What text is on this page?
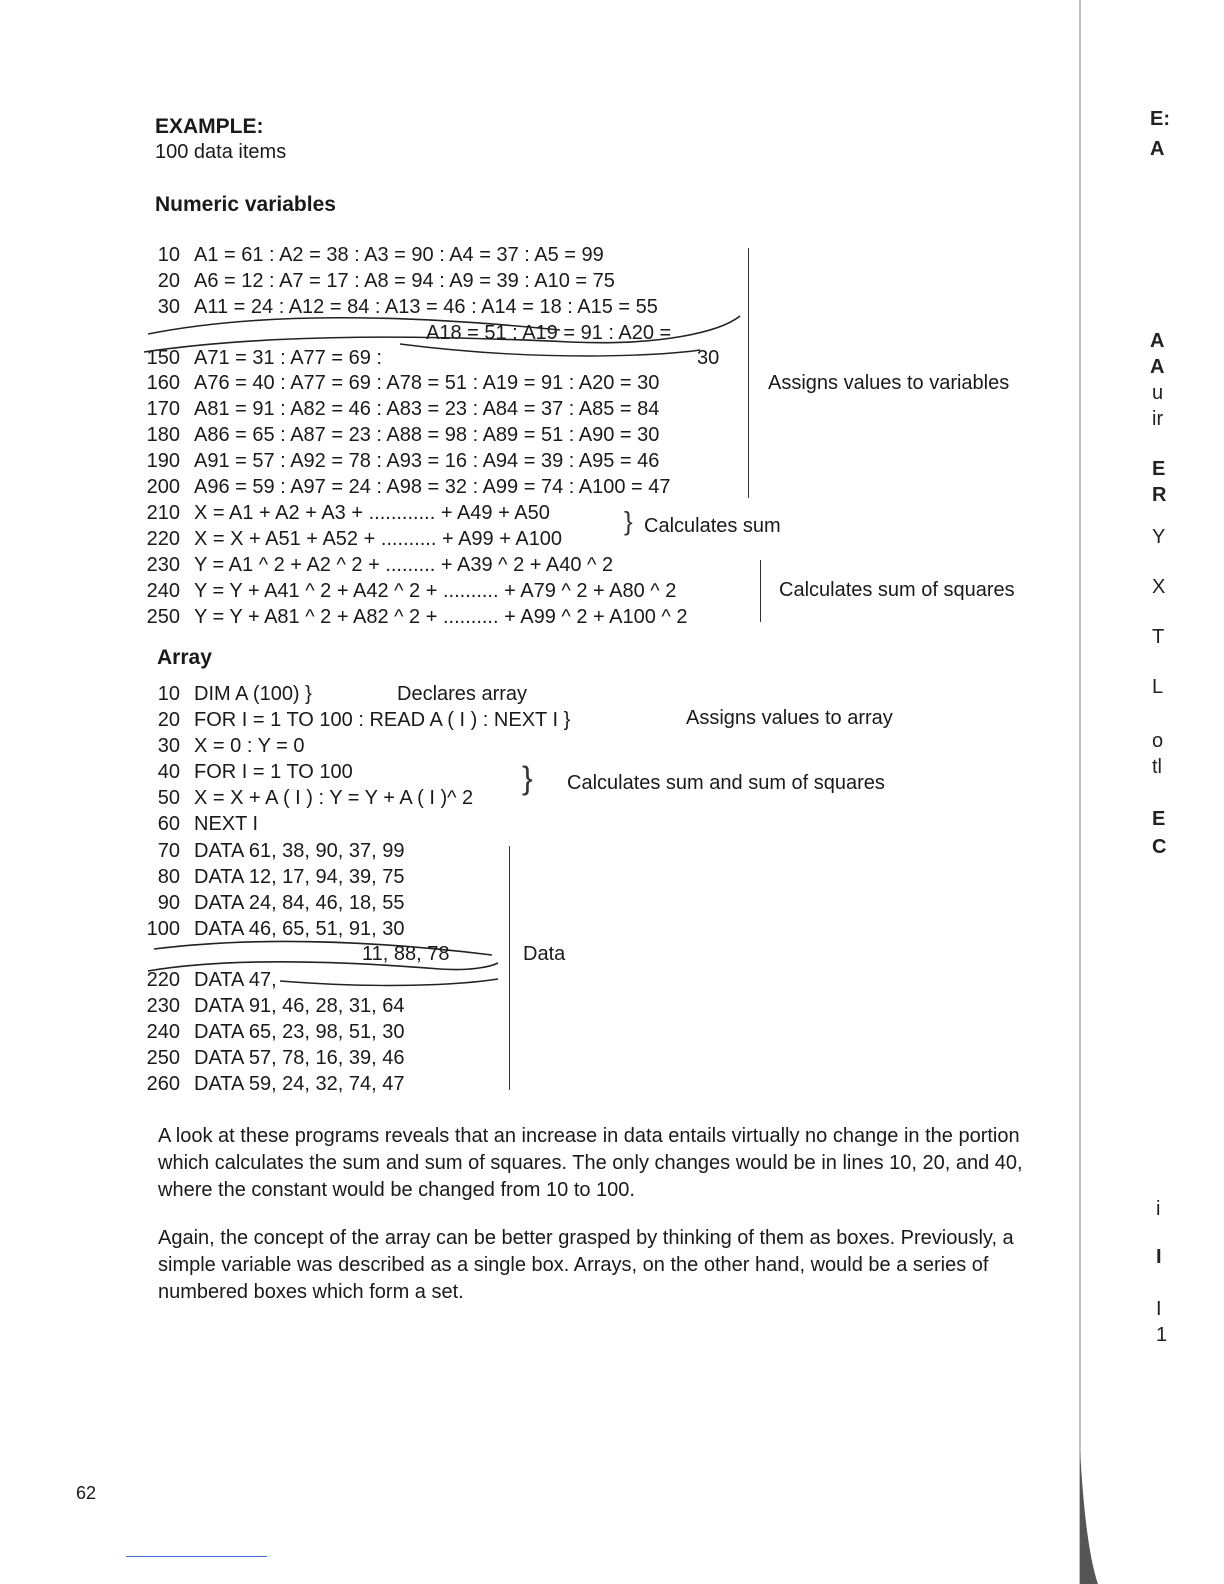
EXAMPLE:
100 data items
Numeric variables
10 A1 = 61 : A2 = 38 : A3 = 90 : A4 = 37 : A5 = 99
20 A6 = 12 : A7 = 17 : A8 = 94 : A9 = 39 : A10 = 75
30 A11 = 24 : A12 = 84 : A13 = 46 : A14 = 18 : A15 = 55
A18 = 51 : A19 = 91 : A20 =
150 A71 = 31 : A77 = 69 :	30
160 A76 = 40 : A77 = 69 : A78 = 51 : A19 = 91 : A20 = 30
170 A81 = 91 : A82 = 46 : A83 = 23 : A84 = 37 : A85 = 84
180 A86 = 65 : A87 = 23 : A88 = 98 : A89 = 51 : A90 = 30
190 A91 = 57 : A92 = 78 : A93 = 16 : A94 = 39 : A95 = 46
200 A96 = 59 : A97 = 24 : A98 = 32 : A99 = 74 : A100 = 47
210 X = A1 + A2 + A3 + ............ + A49 + A50
220 X = X + A51 + A52 + .......... + A99 + A100
230 Y = A1 ^ 2 + A2 ^ 2 + ......... + A39 ^ 2 + A40 ^ 2
240 Y = Y + A41 ^ 2 + A42 ^ 2 + .......... + A79 ^ 2 + A80 ^ 2
250 Y = Y + A81 ^ 2 + A82 ^ 2 + .......... + A99 ^ 2 + A100 ^ 2
Assigns values to variables
} Calculates sum
Calculates sum of squares
Array
10 DIM A (100) }
20 FOR I = 1 TO 100 : READ A ( I ) : NEXT I }
30 X = 0 : Y = 0
40 FOR I = 1 TO 100
50 X = X + A ( I ) : Y = Y + A ( I )^ 2
60 NEXT I
70 DATA 61, 38, 90, 37, 99
80 DATA 12, 17, 94, 39, 75
90 DATA 24, 84, 46, 18, 55
100 DATA 46, 65, 51, 91, 30
11, 88, 78
220 DATA 47,
230 DATA 91, 46, 28, 31, 64
240 DATA 65, 23, 98, 51, 30
250 DATA 57, 78, 16, 39, 46
260 DATA 59, 24, 32, 74, 47
Declares array
Assigns values to array
} Calculates sum and sum of squares
Data
A look at these programs reveals that an increase in data entails virtually no change in the portion which calculates the sum and sum of squares. The only changes would be in lines 10, 20, and 40, where the constant would be changed from 10 to 100.
Again, the concept of the array can be better grasped by thinking of them as boxes. Previously, a simple variable was described as a single box. Arrays, on the other hand, would be a series of numbered boxes which form a set.
62
E:
A
A
A
u
ir
E
R
Y
X
T
L
o
tl
E
C
i
I
I
1
